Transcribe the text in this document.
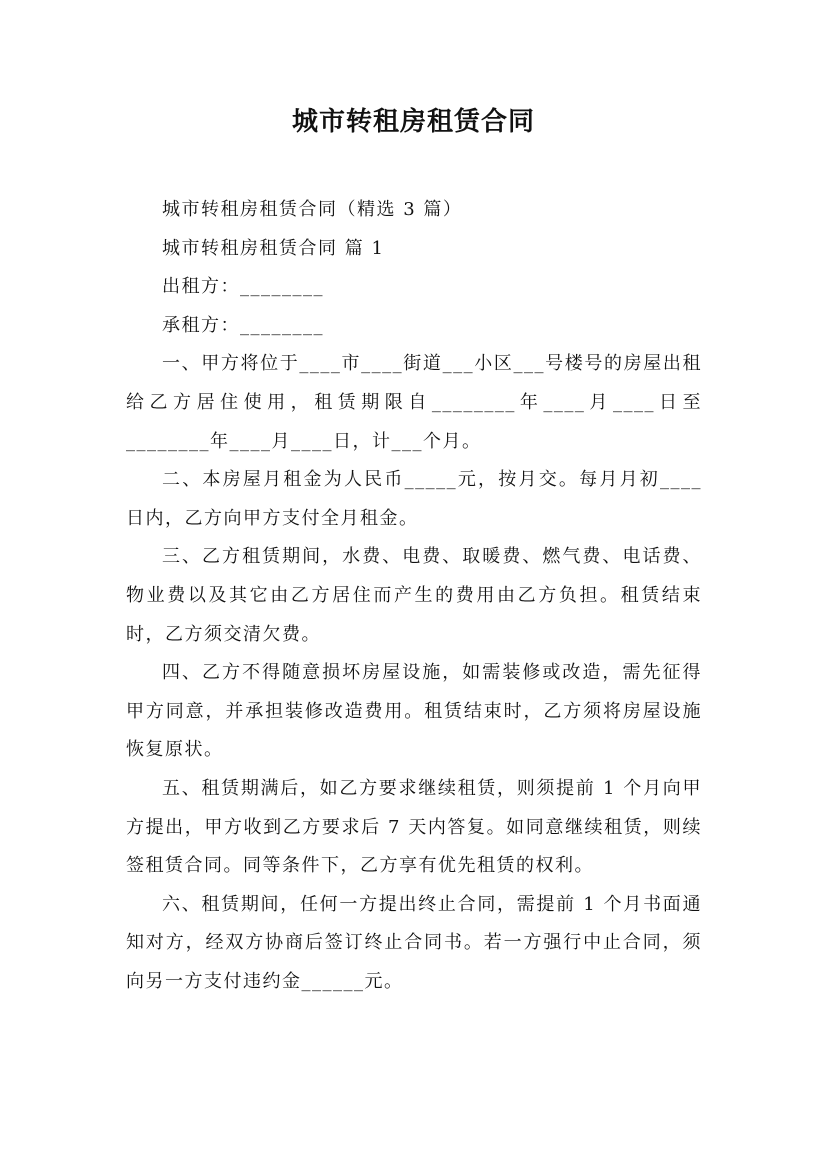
城市转租房租赁合同

城市转租房租赁合同（精选 3 篇）

城市转租房租赁合同 篇 1

出租方：________

承租方：________

一、甲方将位于____市____街道___小区___号楼号的房屋出租给乙方居住使用，租赁期限自________年____月____日至________年____月____日，计___个月。

二、本房屋月租金为人民币_____元，按月交。每月月初____日内，乙方向甲方支付全月租金。

三、乙方租赁期间，水费、电费、取暖费、燃气费、电话费、物业费以及其它由乙方居住而产生的费用由乙方负担。租赁结束时，乙方须交清欠费。

四、乙方不得随意损坏房屋设施，如需装修或改造，需先征得甲方同意，并承担装修改造费用。租赁结束时，乙方须将房屋设施恢复原状。

五、租赁期满后，如乙方要求继续租赁，则须提前 1 个月向甲方提出，甲方收到乙方要求后 7 天内答复。如同意继续租赁，则续签租赁合同。同等条件下，乙方享有优先租赁的权利。

六、租赁期间，任何一方提出终止合同，需提前 1 个月书面通知对方，经双方协商后签订终止合同书。若一方强行中止合同，须向另一方支付违约金______元。
